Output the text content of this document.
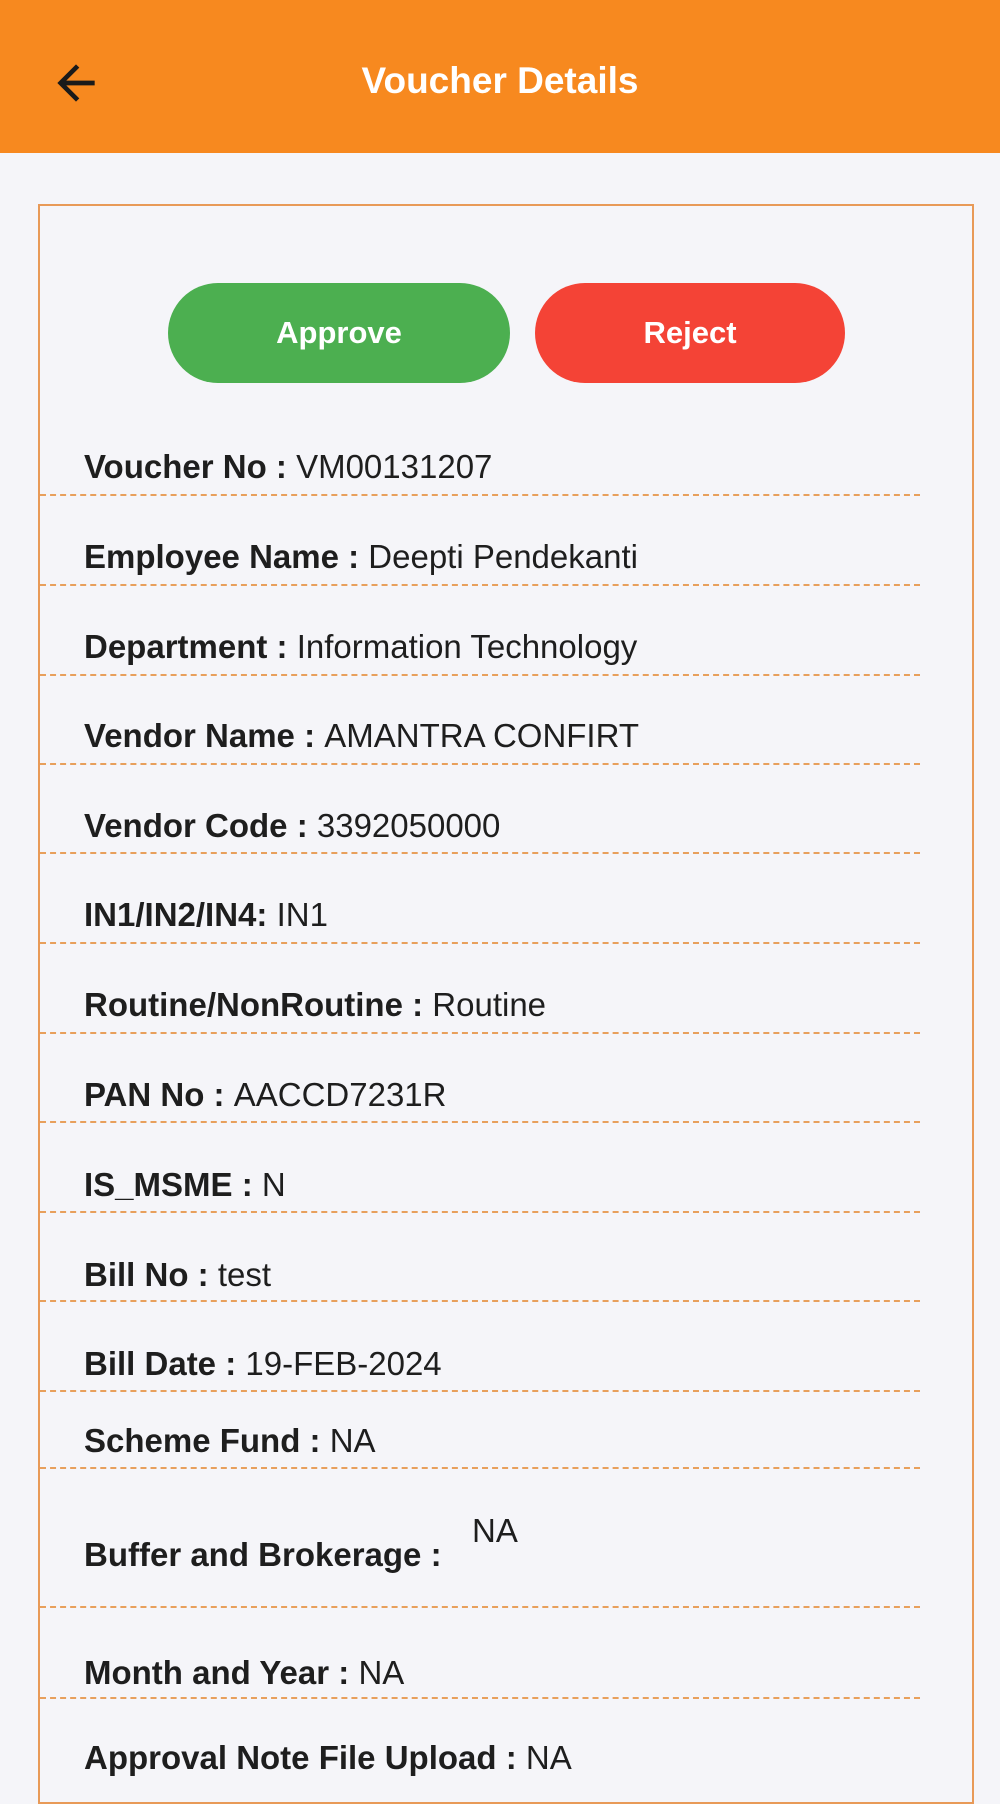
Voucher Details
Approve	Reject
Voucher No : VM00131207
Employee Name : Deepti Pendekanti
Department : Information Technology
Vendor Name : AMANTRA CONFIRT
Vendor Code : 3392050000
IN1/IN2/IN4: IN1
Routine/NonRoutine : Routine
PAN No : AACCD7231R
IS_MSME : N
Bill No : test
Bill Date : 19-FEB-2024
Scheme Fund : NA
Buffer and Brokerage :
NA
Month and Year : NA
Approval Note File Upload : NA
